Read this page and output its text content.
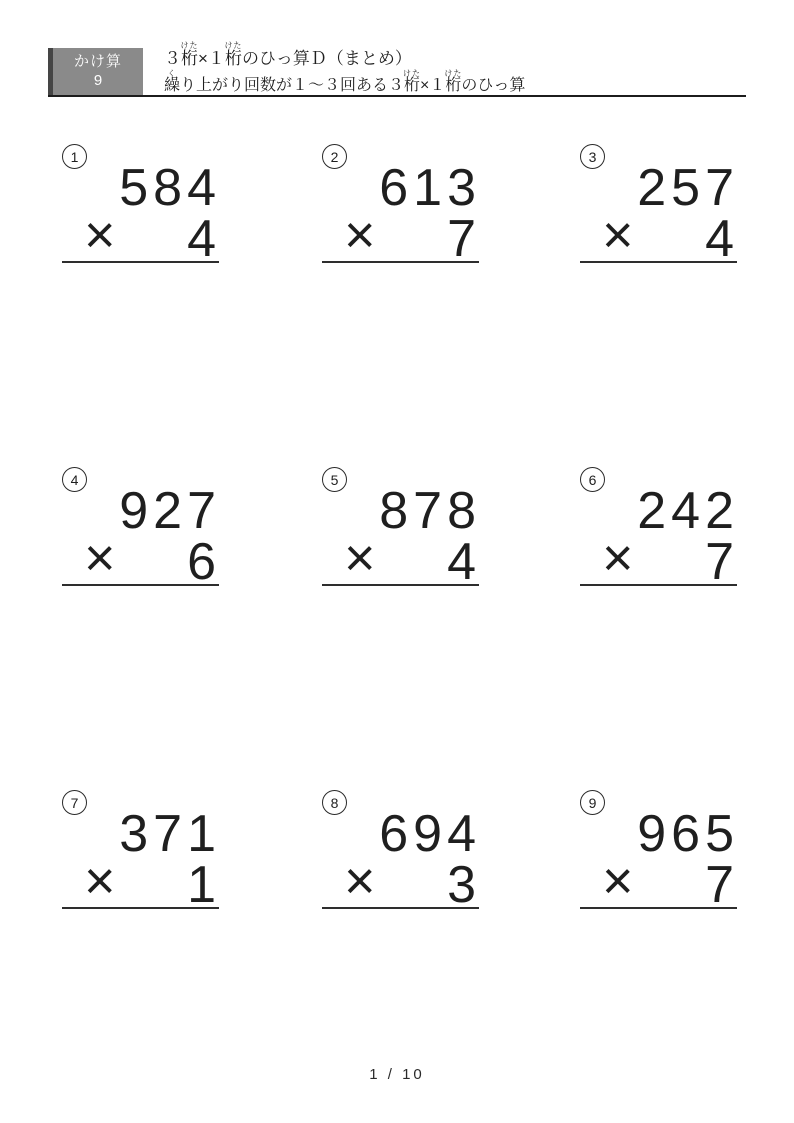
かけ算
9
３桁けた×１桁けたのひっ算Ｄ（まとめ）
繰くり上がり回数が１～３回ある３桁けた×１桁けたのひっ算
1
584
× 4
2
613
× 7
3
257
× 4
4
927
× 6
5
878
× 4
6
242
× 7
7
371
× 1
8
694
× 3
9
965
× 7
1 / 10
